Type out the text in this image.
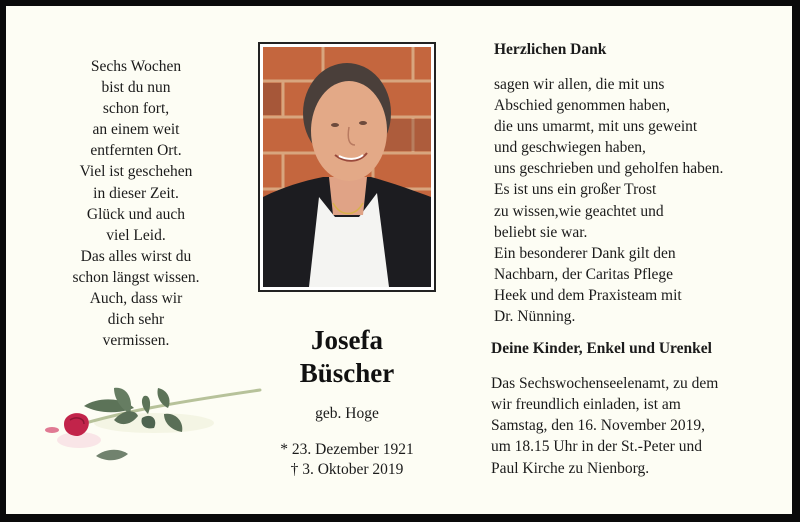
Sechs Wochen
bist du nun
schon fort,
an einem weit
entfernten Ort.
Viel ist geschehen
in dieser Zeit.
Glück und auch
viel Leid.
Das alles wirst du
schon längst wissen.
Auch, dass wir
dich sehr
vermissen.	Josefa
Büscher
geb. Hoge
* 23. Dezember 1921
† 3. Oktober 2019
Herzlichen Dank
sagen wir allen, die mit uns
Abschied genommen haben,
die uns umarmt, mit uns geweint
und geschwiegen haben,
uns geschrieben und geholfen haben.
Es ist uns ein großer Trost
zu wissen,wie geachtet und
beliebt sie war.
Ein besonderer Dank gilt den
Nachbarn, der Caritas Pflege
Heek und dem Praxisteam mit
Dr. Nünning.
Deine Kinder, Enkel und Urenkel
Das Sechswochenseelenamt, zu dem
wir freundlich einladen, ist am
Samstag, den 16. November 2019,
um 18.15 Uhr in der St.-Peter und
Paul Kirche zu Nienborg.
